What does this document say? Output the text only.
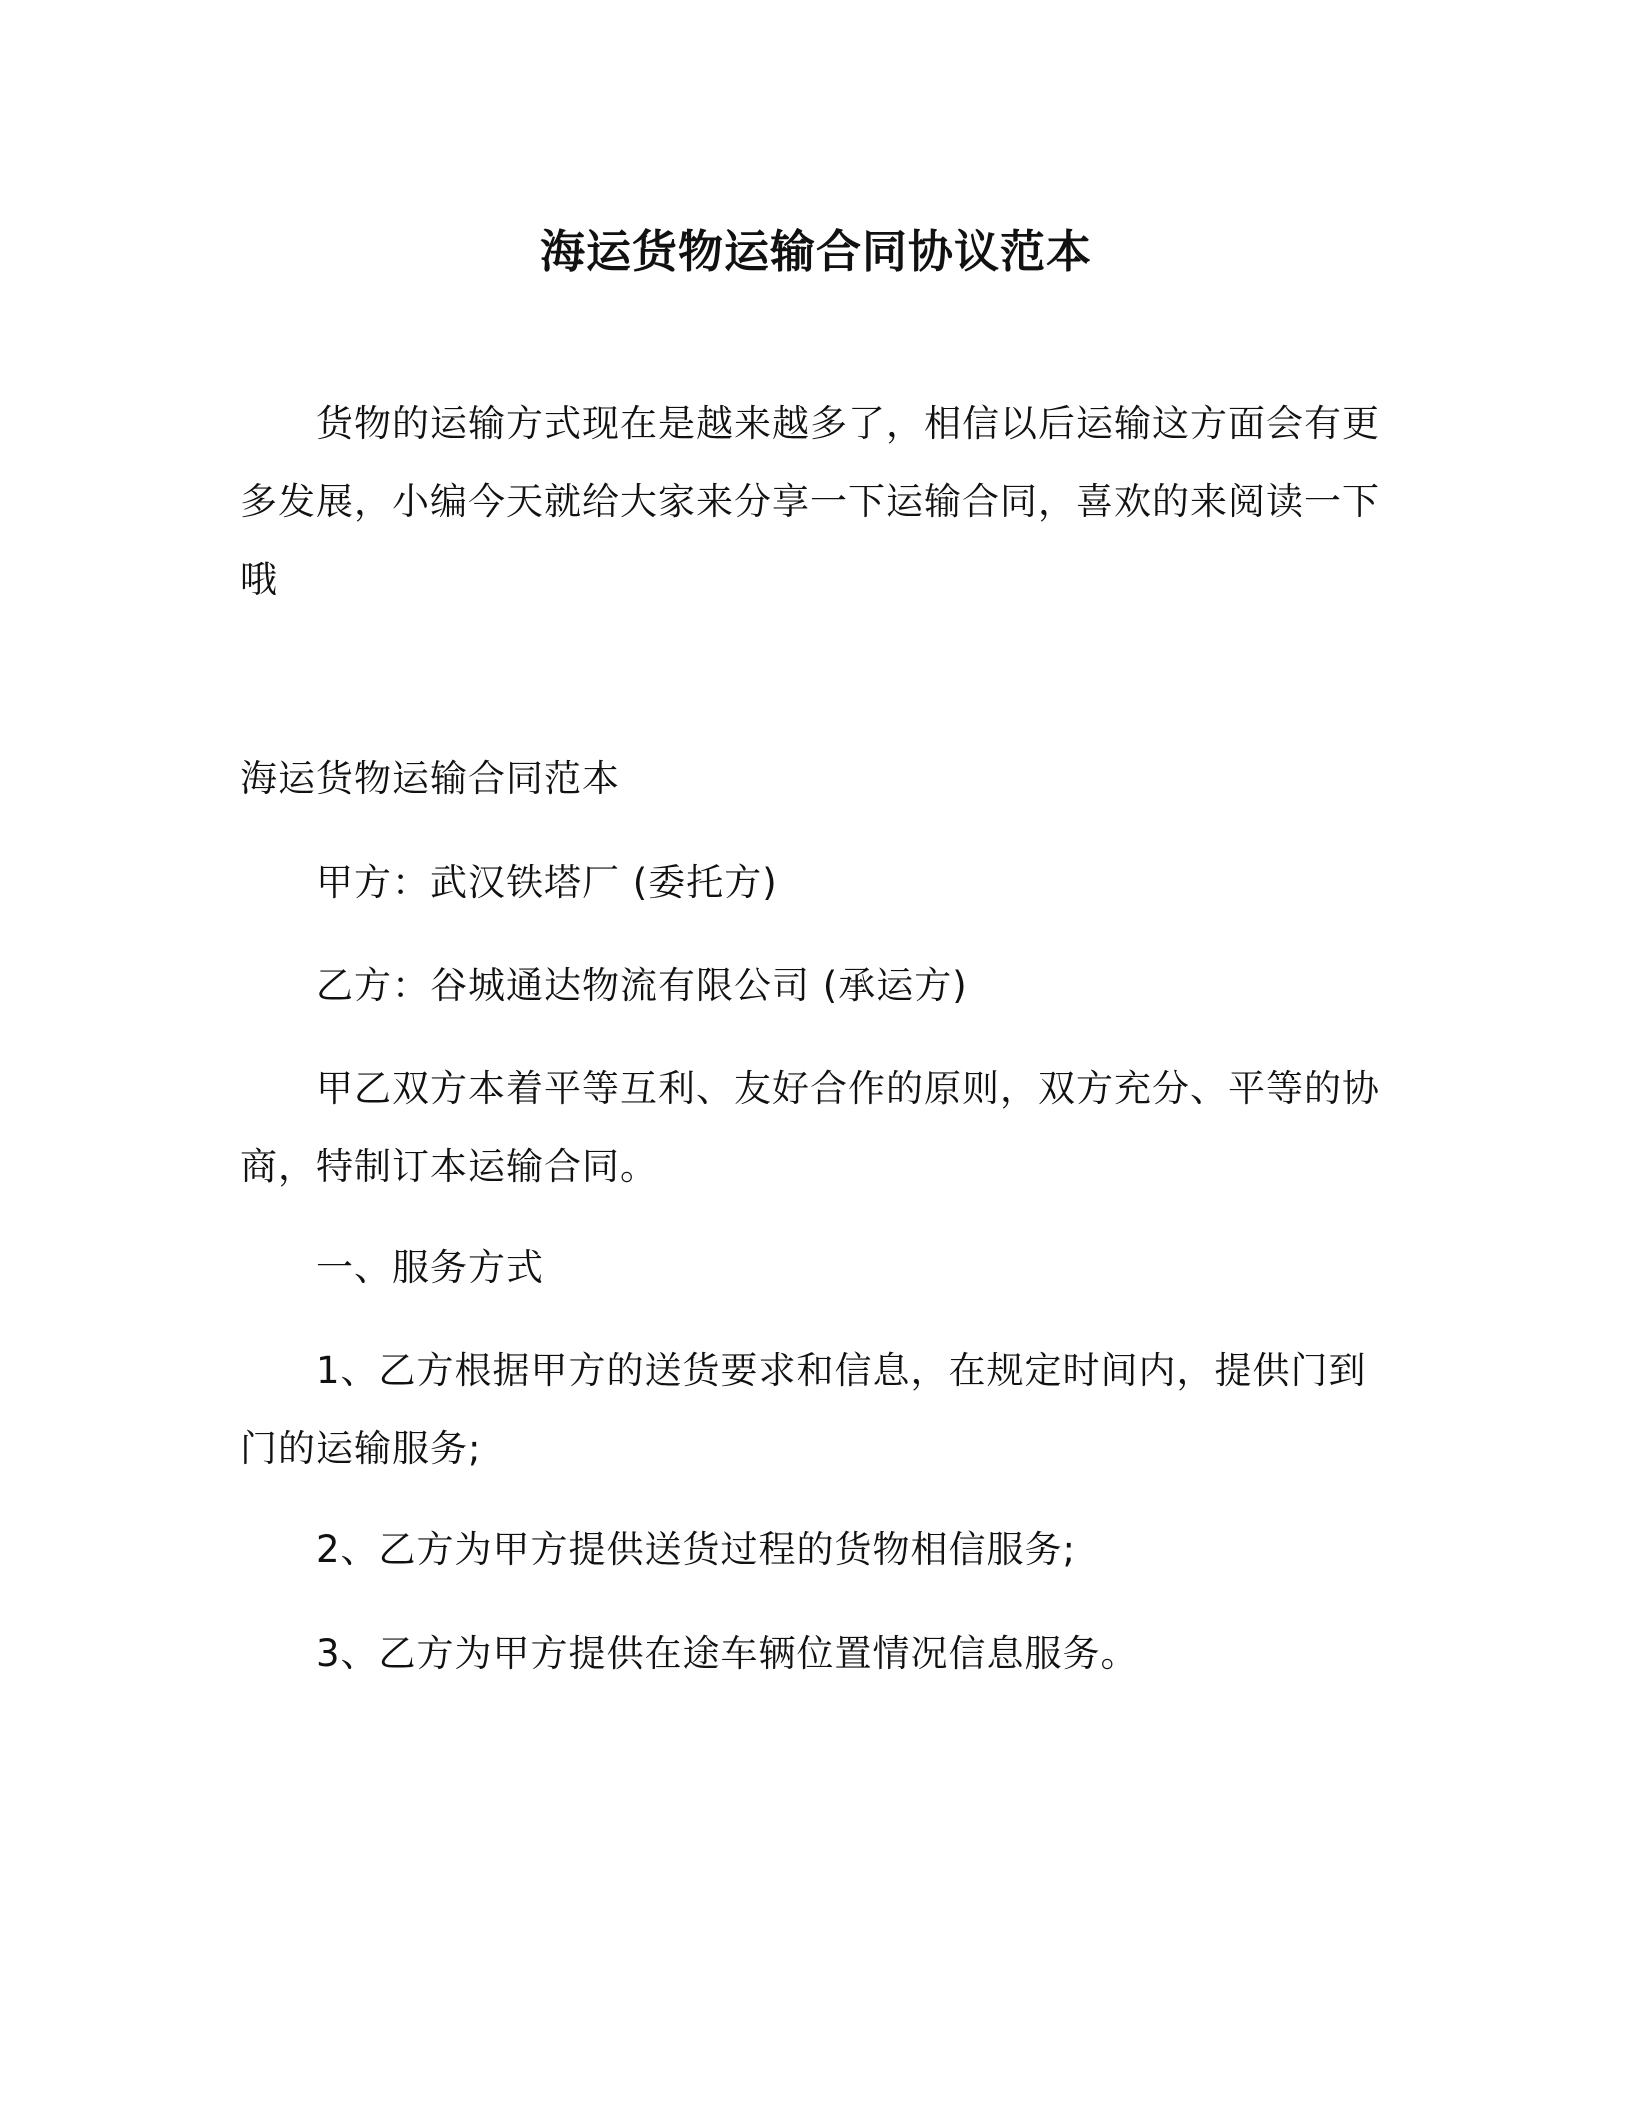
海运货物运输合同协议范本
货物的运输方式现在是越来越多了，相信以后运输这方面会有更多发展，小编今天就给大家来分享一下运输合同，喜欢的来阅读一下哦
海运货物运输合同范本
甲方：武汉铁塔厂 (委托方)
乙方：谷城通达物流有限公司 (承运方)
甲乙双方本着平等互利、友好合作的原则，双方充分、平等的协商，特制订本运输合同。
一、服务方式
1、乙方根据甲方的送货要求和信息，在规定时间内，提供门到门的运输服务;
2、乙方为甲方提供送货过程的货物相信服务;
3、乙方为甲方提供在途车辆位置情况信息服务。
